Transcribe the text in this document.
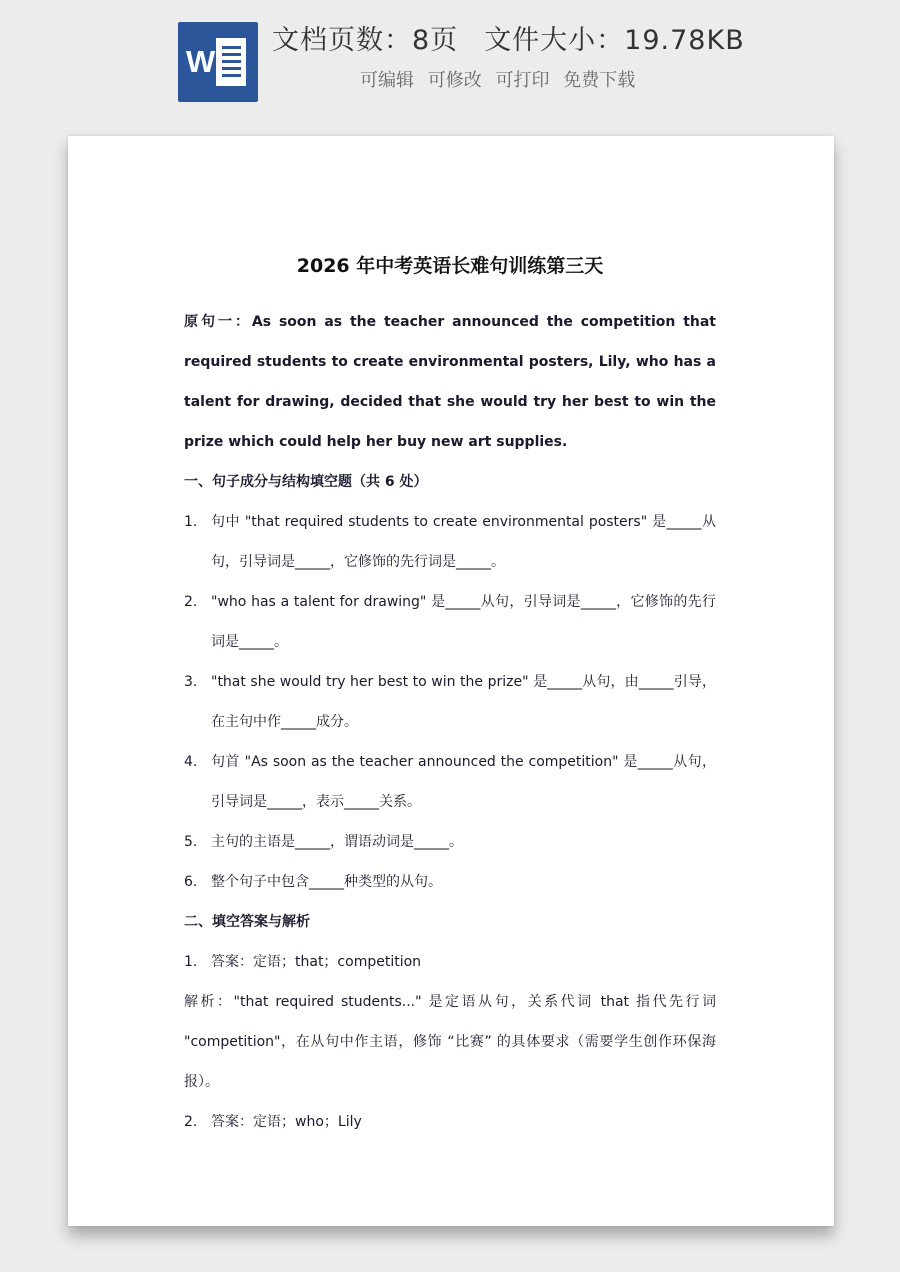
W
文档页数：8页 文件大小：19.78KB
可编辑 可修改 可打印 免费下载
2026 年中考英语长难句训练第三天

原句一：As soon as the teacher announced the competition that required students to create environmental posters, Lily, who has a talent for drawing, decided that she would try her best to win the prize which could help her buy new art supplies.

一、句子成分与结构填空题（共 6 处）

1. 句中 "that required students to create environmental posters" 是_____从句，引导词是_____，它修饰的先行词是_____。

2. "who has a talent for drawing" 是_____从句，引导词是_____，它修饰的先行词是_____。

3. "that she would try her best to win the prize" 是_____从句，由_____引导，在主句中作_____成分。

4. 句首 "As soon as the teacher announced the competition" 是_____从句，引导词是_____，表示_____关系。

5. 主句的主语是_____，谓语动词是_____。

6. 整个句子中包含_____种类型的从句。

二、填空答案与解析

1. 答案：定语；that；competition

解析："that required students..." 是定语从句，关系代词 that 指代先行词 "competition"，在从句中作主语，修饰 “比赛” 的具体要求（需要学生创作环保海报）。

2. 答案：定语；who；Lily
